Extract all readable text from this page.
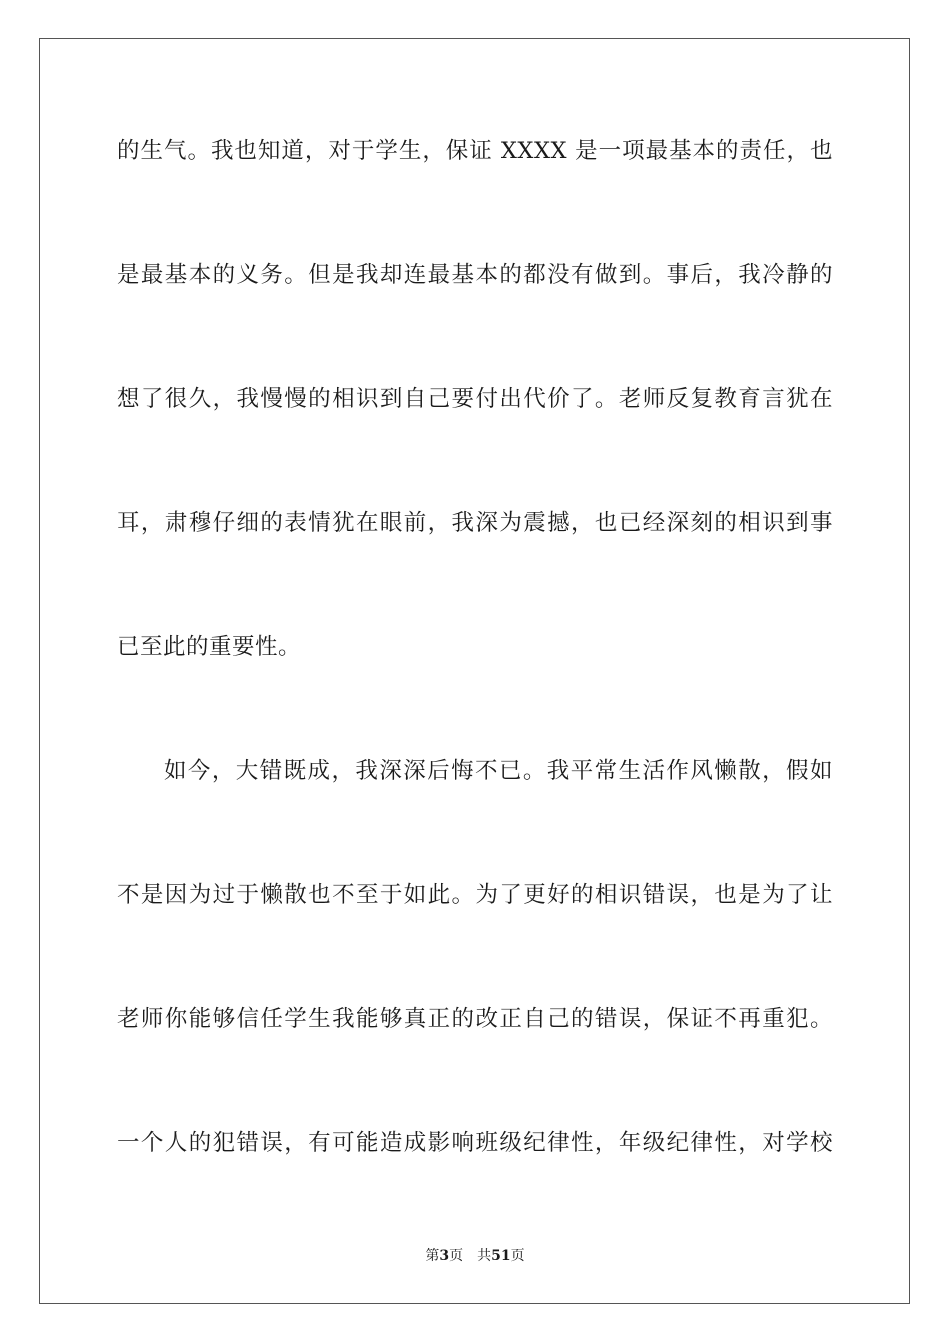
的生气。我也知道，对于学生，保证 XXXX 是一项最基本的责任，也
是最基本的义务。但是我却连最基本的都没有做到。事后，我冷静的
想了很久，我慢慢的相识到自己要付出代价了。老师反复教育言犹在
耳，肃穆仔细的表情犹在眼前，我深为震撼，也已经深刻的相识到事
已至此的重要性。
如今，大错既成，我深深后悔不已。我平常生活作风懒散，假如
不是因为过于懒散也不至于如此。为了更好的相识错误，也是为了让
老师你能够信任学生我能够真正的改正自己的错误，保证不再重犯。
一个人的犯错误，有可能造成影响班级纪律性，年级纪律性，对学校
第3页 共51页
